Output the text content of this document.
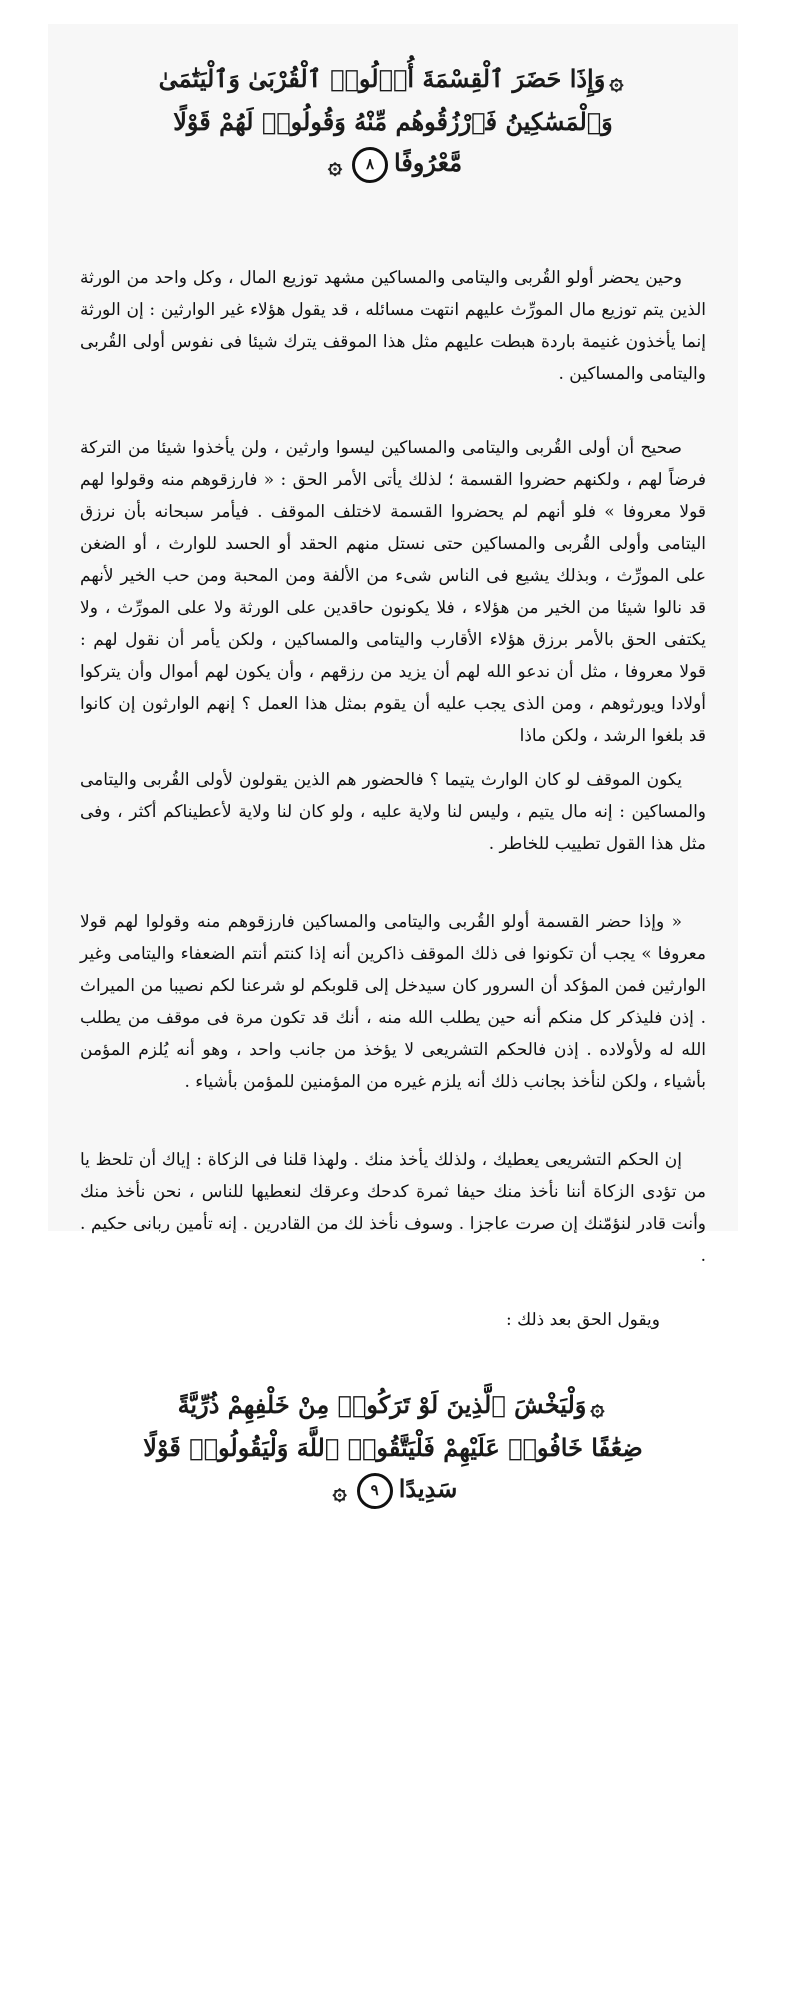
۞وَإِذَا حَضَرَ ٱلْقِسْمَةَ أُو۟لُوا۟ ٱلْقُرْبَىٰ وَٱلْيَتَٰمَىٰ
وَٱلْمَسَٰكِينُ فَٱرْزُقُوهُم مِّنْهُ وَقُولُوا۟ لَهُمْ قَوْلًا
مَّعْرُوفًا٨۞

وحين يحضر أولو القُربى واليتامى والمساكين مشهد توزيع المال ، وكل واحد من الورثة الذين يتم توزيع مال المورِّث عليهم انتهت مسائله ، قد يقول هؤلاء غير الوارثين : إن الورثة إنما يأخذون غنيمة باردة هبطت عليهم مثل هذا الموقف يترك شيئا فى نفوس أولى القُربى واليتامى والمساكين .

صحيح أن أولى القُربى واليتامى والمساكين ليسوا وارثين ، ولن يأخذوا شيئا من التركة فرضاً لهم ، ولكنهم حضروا القسمة ؛ لذلك يأتى الأمر الحق : « فارزقوهم منه وقولوا لهم قولا معروفا » فلو أنهم لم يحضروا القسمة لاختلف الموقف . فيأمر سبحانه بأن نرزق اليتامى وأولى القُربى والمساكين حتى نستل منهم الحقد أو الحسد للوارث ، أو الضغن على المورِّث ، وبذلك يشيع فى الناس شىء من الألفة ومن المحبة ومن حب الخير لأنهم قد نالوا شيئا من الخير من هؤلاء ، فلا يكونون حاقدين على الورثة ولا على المورِّث ، ولا يكتفى الحق بالأمر برزق هؤلاء الأقارب واليتامى والمساكين ، ولكن يأمر أن نقول لهم : قولا معروفا ، مثل أن ندعو الله لهم أن يزيد من رزقهم ، وأن يكون لهم أموال وأن يتركوا أولادا ويورثوهم ، ومن الذى يجب عليه أن يقوم بمثل هذا العمل ؟ إنهم الوارثون إن كانوا قد بلغوا الرشد ، ولكن ماذا

يكون الموقف لو كان الوارث يتيما ؟ فالحضور هم الذين يقولون لأولى القُربى واليتامى والمساكين : إنه مال يتيم ، وليس لنا ولاية عليه ، ولو كان لنا ولاية لأعطيناكم أكثر ، وفى مثل هذا القول تطييب للخاطر .

« وإذا حضر القسمة أولو القُربى واليتامى والمساكين فارزقوهم منه وقولوا لهم قولا معروفا » يجب أن تكونوا فى ذلك الموقف ذاكرين أنه إذا كنتم أنتم الضعفاء واليتامى وغير الوارثين فمن المؤكد أن السرور كان سيدخل إلى قلوبكم لو شرعنا لكم نصيبا من الميراث . إذن فليذكر كل منكم أنه حين يطلب الله منه ، أنك قد تكون مرة فى موقف من يطلب الله له ولأولاده . إذن فالحكم التشريعى لا يؤخذ من جانب واحد ، وهو أنه يُلزم المؤمن بأشياء ، ولكن لنأخذ بجانب ذلك أنه يلزم غيره من المؤمنين للمؤمن بأشياء .

إن الحكم التشريعى يعطيك ، ولذلك يأخذ منك . ولهذا قلنا فى الزكاة : إياك أن تلحظ يا من تؤدى الزكاة أننا نأخذ منك حيفا ثمرة كدحك وعرقك لنعطيها للناس ، نحن نأخذ منك وأنت قادر لنؤمّنك إن صرت عاجزا . وسوف نأخذ لك من القادرين . إنه تأمين ربانى حكيم . .

ويقول الحق بعد ذلك :

۞وَلْيَخْشَ ٱلَّذِينَ لَوْ تَرَكُوا۟ مِنْ خَلْفِهِمْ ذُرِّيَّةً
ضِعَٰفًا خَافُوا۟ عَلَيْهِمْ فَلْيَتَّقُوا۟ ٱللَّهَ وَلْيَقُولُوا۟ قَوْلًا
سَدِيدًا٩۞
